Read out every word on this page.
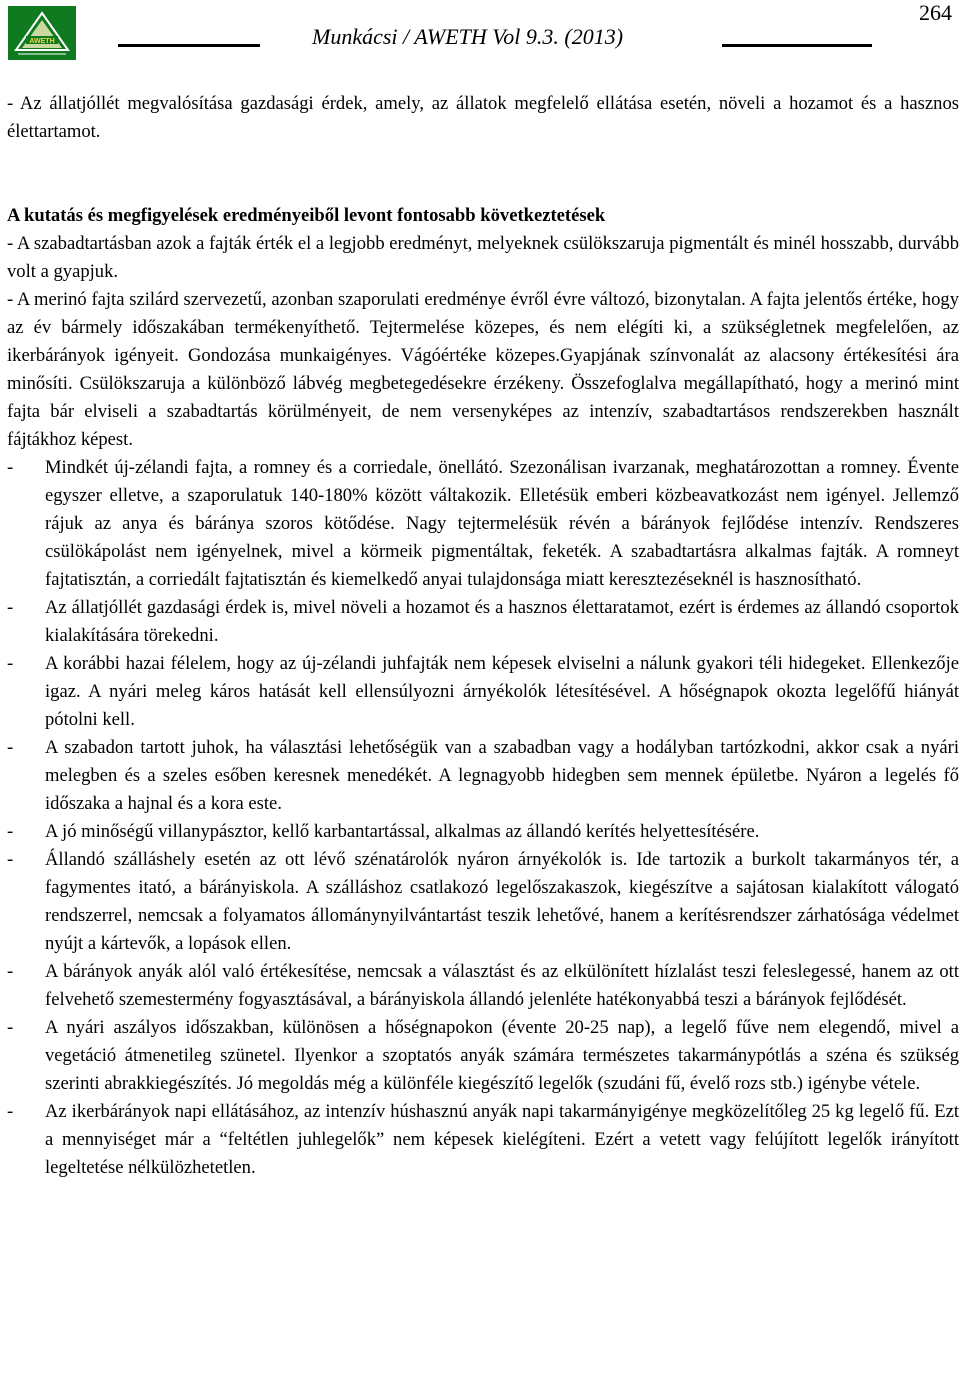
AWETH	Munkácsi / AWETH Vol 9.3. (2013)
264

- Az állatjóllét megvalósítása gazdasági érdek, amely, az állatok megfelelő ellátása esetén, növeli a hozamot és a hasznos élettartamot.

A kutatás és megfigyelések eredményeiből levont fontosabb következtetések

- A szabadtartásban azok a fajták érték el a legjobb eredményt, melyeknek csülökszaruja pigmentált és minél hosszabb, durvább volt a gyapjuk.

- A merinó fajta szilárd szervezetű, azonban szaporulati eredménye évről évre változó, bizonytalan. A fajta jelentős értéke, hogy az év bármely időszakában termékenyíthető. Tejtermelése közepes, és nem elégíti ki, a szükségletnek megfelelően, az ikerbárányok igényeit. Gondozása munkaigényes. Vágóértéke közepes.Gyapjának színvonalát az alacsony értékesítési ára minősíti. Csülökszaruja a különböző lábvég megbetegedésekre érzékeny. Összefoglalva megállapítható, hogy a merinó mint fajta bár elviseli a szabadtartás körülményeit, de nem versenyképes az intenzív, szabadtartásos rendszerekben használt fájtákhoz képest.

- Mindkét új-zélandi fajta, a romney és a corriedale, önellátó. Szezonálisan ivarzanak, meghatározottan a romney. Évente egyszer elletve, a szaporulatuk 140-180% között váltakozik. Elletésük emberi közbeavatkozást nem igényel. Jellemző rájuk az anya és báránya szoros kötődése. Nagy tejtermelésük révén a bárányok fejlődése intenzív. Rendszeres csülökápolást nem igényelnek, mivel a körmeik pigmentáltak, feketék. A szabadtartásra alkalmas fajták. A romneyt fajtatisztán, a corriedált fajtatisztán és kiemelkedő anyai tulajdonsága miatt keresztezéseknél is hasznosítható.
- Az állatjóllét gazdasági érdek is, mivel növeli a hozamot és a hasznos élettaratamot, ezért is érdemes az állandó csoportok kialakítására törekedni.
- A korábbi hazai félelem, hogy az új-zélandi juhfajták nem képesek elviselni a nálunk gyakori téli hidegeket. Ellenkezője igaz. A nyári meleg káros hatását kell ellensúlyozni árnyékolók létesítésével. A hőségnapok okozta legelőfű hiányát pótolni kell.
- A szabadon tartott juhok, ha választási lehetőségük van a szabadban vagy a hodályban tartózkodni, akkor csak a nyári melegben és a szeles esőben keresnek menedékét. A legnagyobb hidegben sem mennek épületbe. Nyáron a legelés fő időszaka a hajnal és a kora este.
- A jó minőségű villanypásztor, kellő karbantartással, alkalmas az állandó kerítés helyettesítésére.
- Állandó szálláshely esetén az ott lévő szénatárolók nyáron árnyékolók is. Ide tartozik a burkolt takarmányos tér, a fagymentes itató, a bárányiskola. A szálláshoz csatlakozó legelőszakaszok, kiegészítve a sajátosan kialakított válogató rendszerrel, nemcsak a folyamatos állománynyilvántartást teszik lehetővé, hanem a kerítésrendszer zárhatósága védelmet nyújt a kártevők, a lopások ellen.
- A bárányok anyák alól való értékesítése, nemcsak a választást és az elkülönített hízlalást teszi feleslegessé, hanem az ott felvehető szemestermény fogyasztásával, a bárányiskola állandó jelenléte hatékonyabbá teszi a bárányok fejlődését.
- A nyári aszályos időszakban, különösen a hőségnapokon (évente 20-25 nap), a legelő fűve nem elegendő, mivel a vegetáció átmenetileg szünetel. Ilyenkor a szoptatós anyák számára természetes takarmánypótlás a széna és szükség szerinti abrakkiegészítés. Jó megoldás még a különféle kiegészítő legelők (szudáni fű, évelő rozs stb.) igénybe vétele.
- Az ikerbárányok napi ellátásához, az intenzív húshasznú anyák napi takarmányigénye megközelítőleg 25 kg legelő fű. Ezt a mennyiséget már a “feltétlen juhlegelők” nem képesek kielégíteni. Ezért a vetett vagy felújított legelők irányított legeltetése nélkülözhetetlen.
